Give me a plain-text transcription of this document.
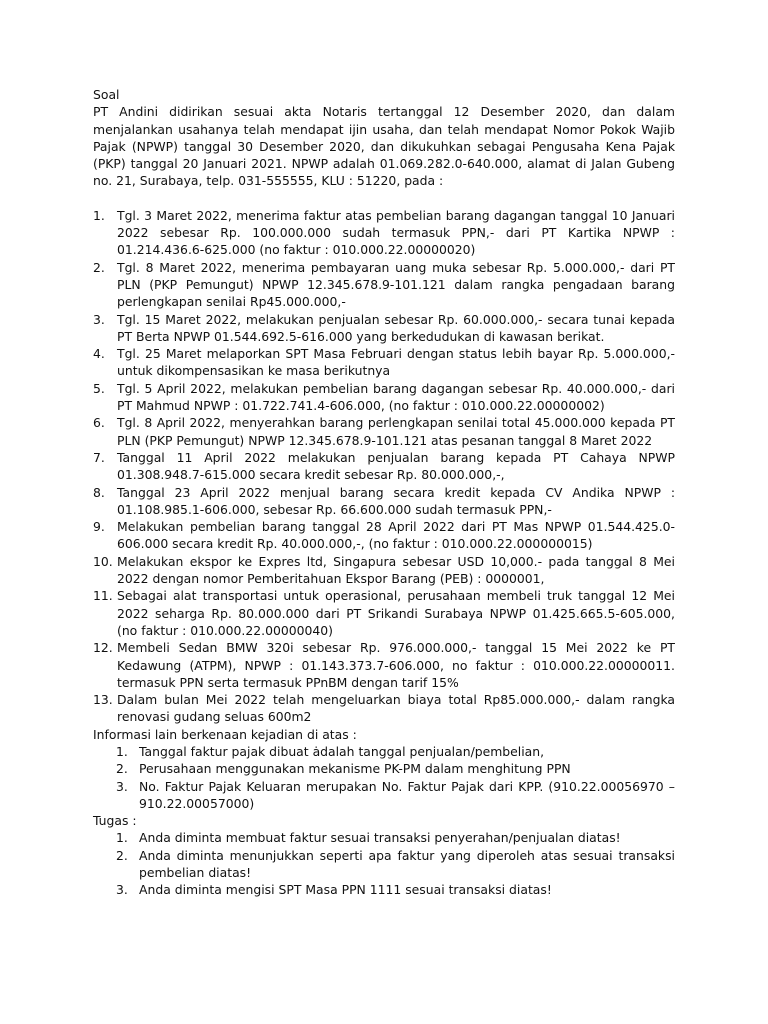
Soal

PT Andini didirikan sesuai akta Notaris tertanggal 12 Desember 2020, dan dalam menjalankan usahanya telah mendapat ijin usaha, dan telah mendapat Nomor Pokok Wajib Pajak (NPWP) tanggal 30 Desember 2020, dan dikukuhkan sebagai Pengusaha Kena Pajak (PKP) tanggal 20 Januari 2021. NPWP adalah 01.069.282.0-640.000, alamat di Jalan Gubeng no. 21, Surabaya, telp. 031-555555, KLU : 51220, pada :

1. Tgl. 3 Maret 2022, menerima faktur atas pembelian barang dagangan tanggal 10 Januari 2022 sebesar Rp. 100.000.000 sudah termasuk PPN,- dari PT Kartika NPWP : 01.214.436.6-625.000 (no faktur : 010.000.22.00000020)
2. Tgl. 8 Maret 2022, menerima pembayaran uang muka sebesar Rp. 5.000.000,- dari PT PLN (PKP Pemungut) NPWP 12.345.678.9-101.121 dalam rangka pengadaan barang perlengkapan senilai Rp45.000.000,-
3. Tgl. 15 Maret 2022, melakukan penjualan sebesar Rp. 60.000.000,- secara tunai kepada PT Berta NPWP 01.544.692.5-616.000 yang berkedudukan di kawasan berikat.
4. Tgl. 25 Maret melaporkan SPT Masa Februari dengan status lebih bayar Rp. 5.000.000,- untuk dikompensasikan ke masa berikutnya
5. Tgl. 5 April 2022, melakukan pembelian barang dagangan sebesar Rp. 40.000.000,- dari PT Mahmud NPWP : 01.722.741.4-606.000, (no faktur : 010.000.22.00000002)
6. Tgl. 8 April 2022, menyerahkan barang perlengkapan senilai total 45.000.000 kepada PT PLN (PKP Pemungut) NPWP 12.345.678.9-101.121 atas pesanan tanggal 8 Maret 2022
7. Tanggal 11 April 2022 melakukan penjualan barang kepada PT Cahaya NPWP 01.308.948.7-615.000 secara kredit sebesar Rp. 80.000.000,-,
8. Tanggal 23 April 2022 menjual barang secara kredit kepada CV Andika NPWP : 01.108.985.1-606.000, sebesar Rp. 66.600.000 sudah termasuk PPN,-
9. Melakukan pembelian barang tanggal 28 April 2022 dari PT Mas NPWP 01.544.425.0-606.000 secara kredit Rp. 40.000.000,-, (no faktur : 010.000.22.000000015)
10. Melakukan ekspor ke Expres ltd, Singapura sebesar USD 10,000.- pada tanggal 8 Mei 2022 dengan nomor Pemberitahuan Ekspor Barang (PEB) : 0000001,
11. Sebagai alat transportasi untuk operasional, perusahaan membeli truk tanggal 12 Mei 2022 seharga Rp. 80.000.000 dari PT Srikandi Surabaya NPWP 01.425.665.5-605.000, (no faktur : 010.000.22.00000040)
12. Membeli Sedan BMW 320i sebesar Rp. 976.000.000,- tanggal 15 Mei 2022 ke PT Kedawung (ATPM), NPWP : 01.143.373.7-606.000, no faktur : 010.000.22.00000011. termasuk PPN serta termasuk PPnBM dengan tarif 15%
13. Dalam bulan Mei 2022 telah mengeluarkan biaya total Rp85.000.000,- dalam rangka renovasi gudang seluas 600m2

Informasi lain berkenaan kejadian di atas :

1. Tanggal faktur pajak dibuat ȧdalah tanggal penjualan/pembelian,
2. Perusahaan menggunakan mekanisme PK-PM dalam menghitung PPN
3. No. Faktur Pajak Keluaran merupakan No. Faktur Pajak dari KPP. (910.22.00056970 – 910.22.00057000)

Tugas :

1. Anda diminta membuat faktur sesuai transaksi penyerahan/penjualan diatas!
2. Anda diminta menunjukkan seperti apa faktur yang diperoleh atas sesuai transaksi pembelian diatas!
3. Anda diminta mengisi SPT Masa PPN 1111 sesuai transaksi diatas!
